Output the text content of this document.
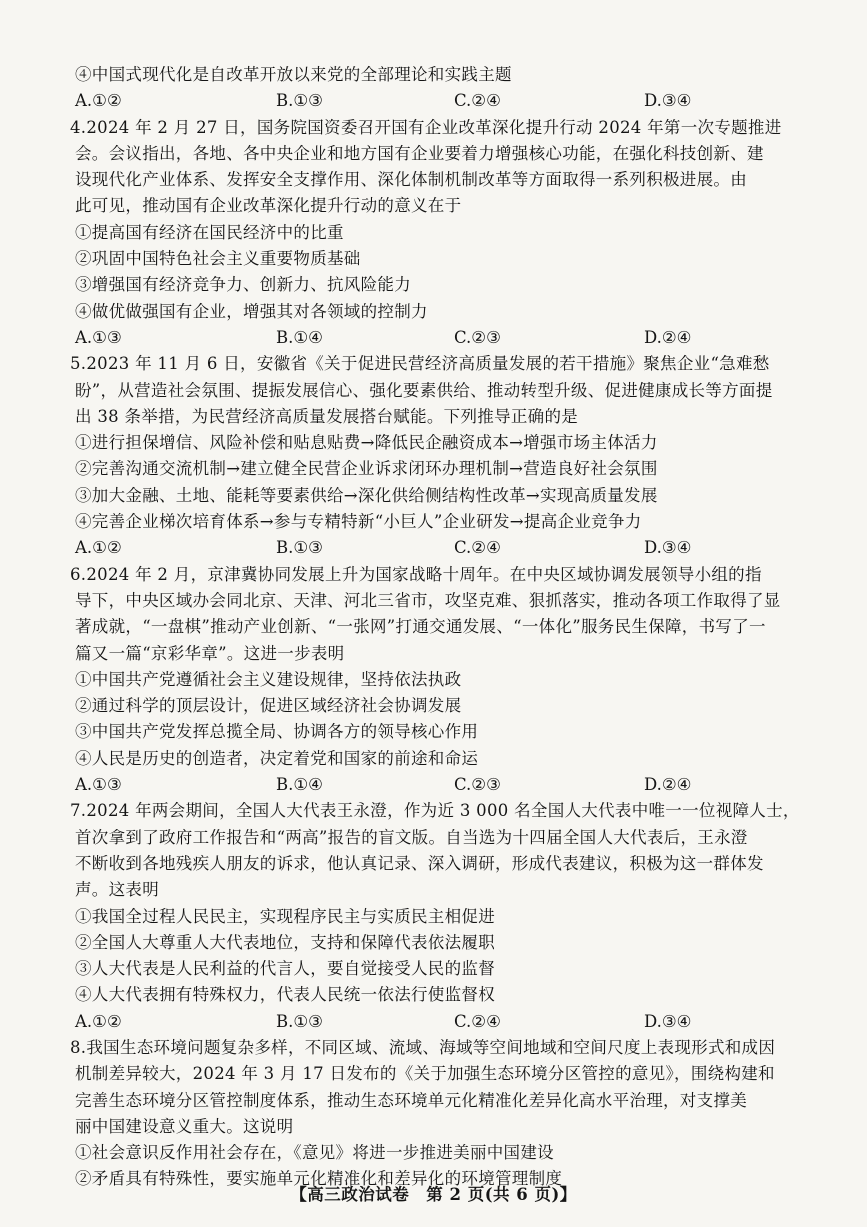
④中国式现代化是自改革开放以来党的全部理论和实践主题
A.①②	B.①③	C.②④	D.③④
4.2024 年 2 月 27 日，国务院国资委召开国有企业改革深化提升行动 2024 年第一次专题推进
会。会议指出，各地、各中央企业和地方国有企业要着力增强核心功能，在强化科技创新、建
设现代化产业体系、发挥安全支撑作用、深化体制机制改革等方面取得一系列积极进展。由
此可见，推动国有企业改革深化提升行动的意义在于
①提高国有经济在国民经济中的比重
②巩固中国特色社会主义重要物质基础
③增强国有经济竞争力、创新力、抗风险能力
④做优做强国有企业，增强其对各领域的控制力
A.①③	B.①④	C.②③	D.②④
5.2023 年 11 月 6 日，安徽省《关于促进民营经济高质量发展的若干措施》聚焦企业“急难愁
盼”，从营造社会氛围、提振发展信心、强化要素供给、推动转型升级、促进健康成长等方面提
出 38 条举措，为民营经济高质量发展搭台赋能。下列推导正确的是
①进行担保增信、风险补偿和贴息贴费→降低民企融资成本→增强市场主体活力
②完善沟通交流机制→建立健全民营企业诉求闭环办理机制→营造良好社会氛围
③加大金融、土地、能耗等要素供给→深化供给侧结构性改革→实现高质量发展
④完善企业梯次培育体系→参与专精特新“小巨人”企业研发→提高企业竞争力
A.①②	B.①③	C.②④	D.③④
6.2024 年 2 月，京津冀协同发展上升为国家战略十周年。在中央区域协调发展领导小组的指
导下，中央区域办会同北京、天津、河北三省市，攻坚克难、狠抓落实，推动各项工作取得了显
著成就，“一盘棋”推动产业创新、“一张网”打通交通发展、“一体化”服务民生保障，书写了一
篇又一篇“京彩华章”。这进一步表明
①中国共产党遵循社会主义建设规律，坚持依法执政
②通过科学的顶层设计，促进区域经济社会协调发展
③中国共产党发挥总揽全局、协调各方的领导核心作用
④人民是历史的创造者，决定着党和国家的前途和命运
A.①③	B.①④	C.②③	D.②④
7.2024 年两会期间，全国人大代表王永澄，作为近 3 000 名全国人大代表中唯一一位视障人士，
首次拿到了政府工作报告和“两高”报告的盲文版。自当选为十四届全国人大代表后，王永澄
不断收到各地残疾人朋友的诉求，他认真记录、深入调研，形成代表建议，积极为这一群体发
声。这表明
①我国全过程人民民主，实现程序民主与实质民主相促进
②全国人大尊重人大代表地位，支持和保障代表依法履职
③人大代表是人民利益的代言人，要自觉接受人民的监督
④人大代表拥有特殊权力，代表人民统一依法行使监督权
A.①②	B.①③	C.②④	D.③④
8.我国生态环境问题复杂多样，不同区域、流域、海域等空间地域和空间尺度上表现形式和成因
机制差异较大，2024 年 3 月 17 日发布的《关于加强生态环境分区管控的意见》，围绕构建和
完善生态环境分区管控制度体系，推动生态环境单元化精准化差异化高水平治理，对支撑美
丽中国建设意义重大。这说明
①社会意识反作用社会存在，《意见》将进一步推进美丽中国建设
②矛盾具有特殊性，要实施单元化精准化和差异化的环境管理制度
【高三政治试卷　第 2 页(共 6 页)】
